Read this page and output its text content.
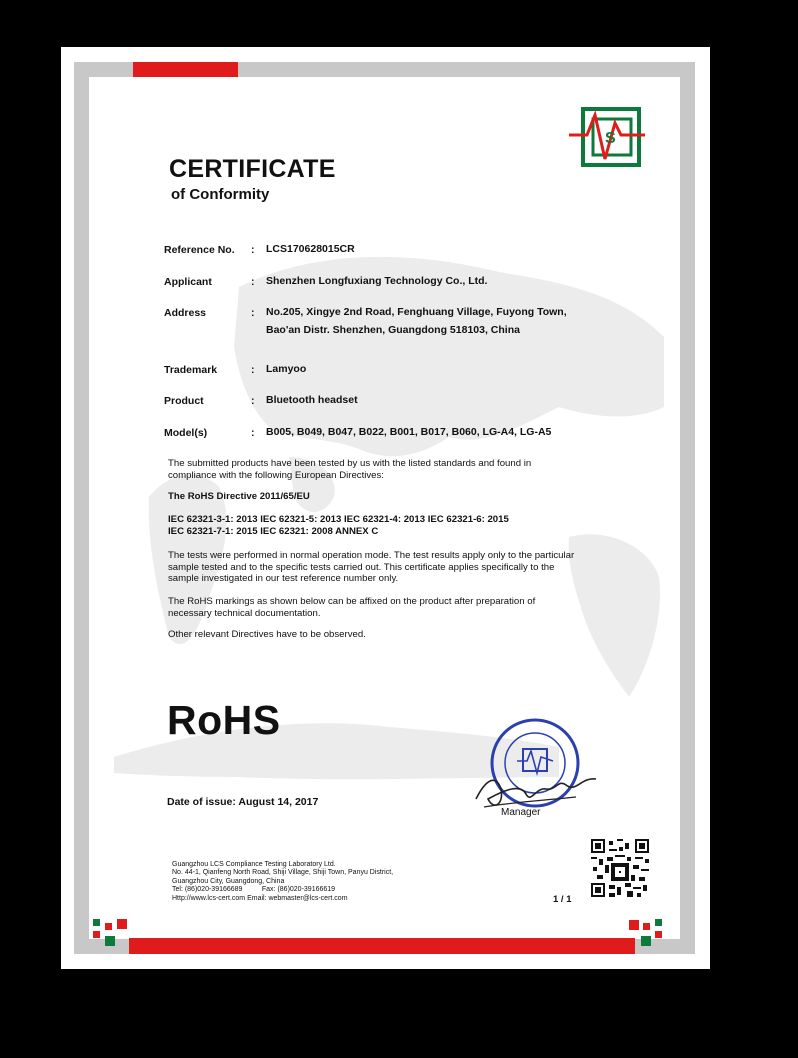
S
CERTIFICATE
of Conformity
Reference No. : LCS170628015CR
Applicant	: Shenzhen Longfuxiang Technology Co., Ltd.
Address	: No.205, Xingye 2nd Road, Fenghuang Village, Fuyong Town,
Bao'an Distr. Shenzhen, Guangdong 518103, China
Trademark	: Lamyoo
Product	: Bluetooth headset
Model(s)	: B005, B049, B047, B022, B001, B017, B060, LG-A4, LG-A5
The submitted products have been tested by us with the listed standards and found in compliance with the following European Directives:
The RoHS Directive 2011/65/EU
IEC 62321-3-1: 2013 IEC 62321-5: 2013 IEC 62321-4: 2013 IEC 62321-6: 2015
IEC 62321-7-1: 2015 IEC 62321: 2008 ANNEX C
The tests were performed in normal operation mode. The test results apply only to the particular sample tested and to the specific tests carried out. This certificate applies specifically to the sample investigated in our test reference number only.
The RoHS markings as shown below can be affixed on the product after preparation of necessary technical documentation.
Other relevant Directives have to be observed.
RoHS
Manager
Date of issue: August 14, 2017
Guangzhou LCS Compliance Testing Laboratory Ltd.
No. 44-1, Qianfeng North Road, Shiji Village, Shiji Town, Panyu District,
Guangzhou City, Guangdong, China
Tel: (86)020-39166689          Fax: (86)020-39166619
Http://www.lcs-cert.com Email: webmaster@lcs-cert.com	1 / 1
